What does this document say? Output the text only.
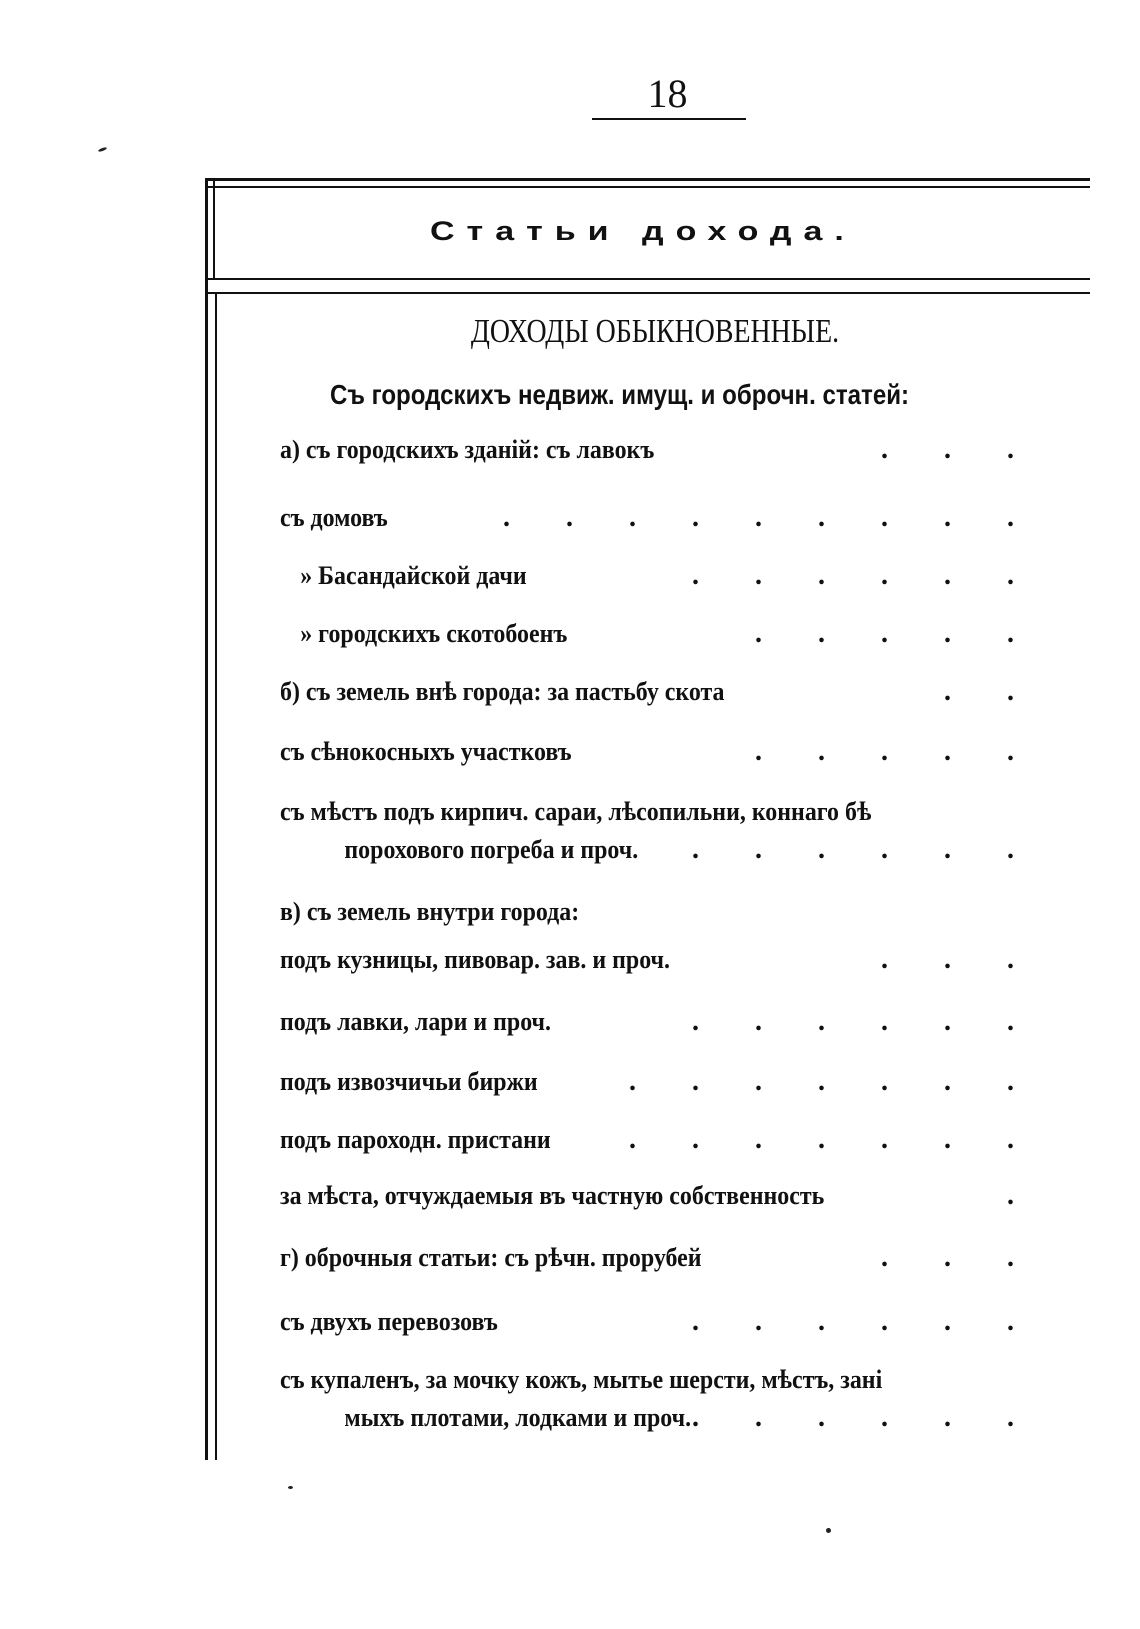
18
Статьи дохода.
ДОХОДЫ ОБЫКНОВЕННЫЕ.
Съ городскихъ недвиж. имущ. и оброчн. статей:
а) съ городскихъ зданій: съ лавокъ	...
съ домовъ	.........
» Басандайской дачи	......
» городскихъ скотобоенъ	.....
б) съ земель внѣ города: за пастьбу скота	..
съ сѣнокосныхъ участковъ	.....
съ мѣстъ подъ кирпич. сараи, лѣсопильни, коннаго бѣ
порохового погреба и проч. ......
в) съ земель внутри города:
подъ кузницы, пивовар. зав. и проч.	...
подъ лавки, лари и проч.	......
подъ извозчичьи биржи	.......
подъ пароходн. пристани	.......
за мѣста, отчуждаемыя въ частную собственность	.
г) оброчныя статьи: съ рѣчн. прорубей	...
съ двухъ перевозовъ	......
съ купаленъ, за мочку кожъ, мытье шерсти, мѣстъ, зані
мыхъ плотами, лодками и проч. ......
